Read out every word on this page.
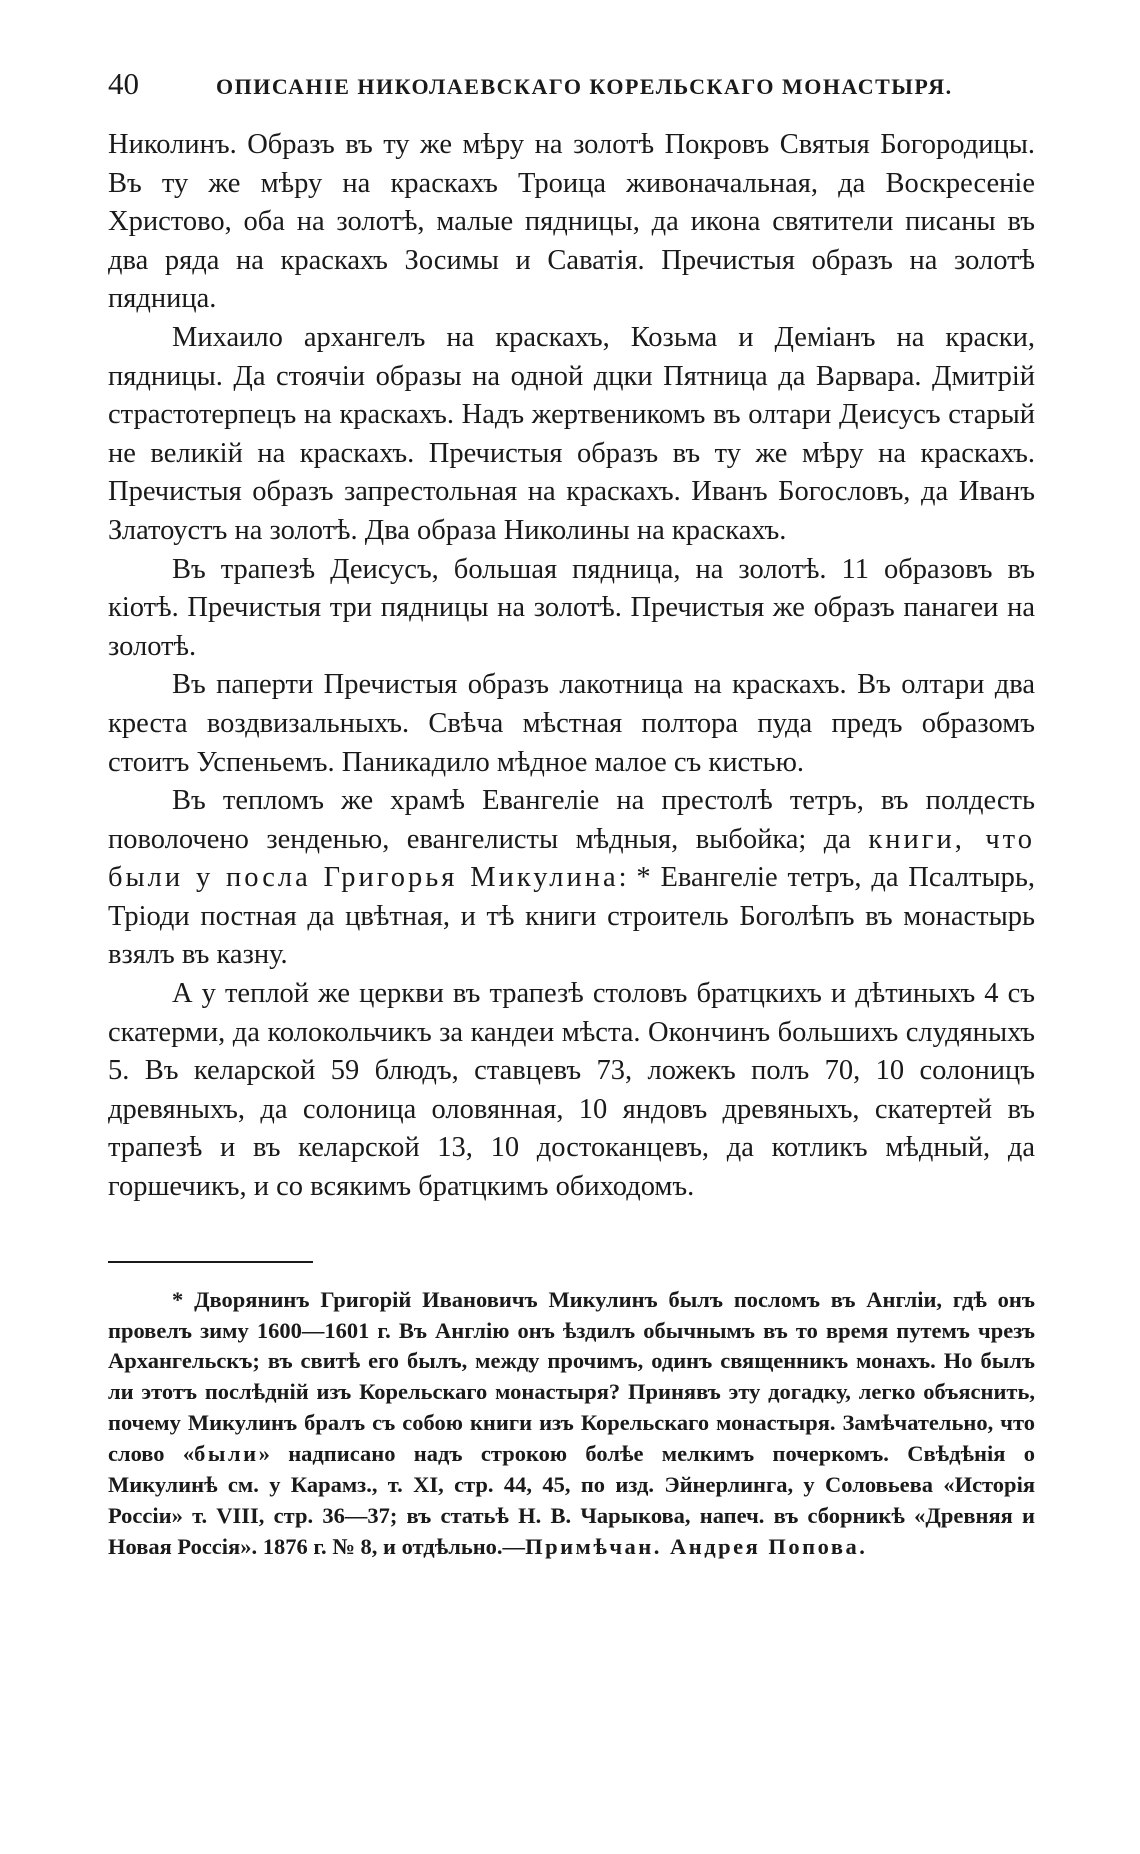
40	ОПИСАНІЕ НИКОЛАЕВСКАГО КОРЕЛЬСКАГО МОНАСТЫРЯ.

Николинъ. Образъ въ ту же мѣру на золотѣ Покровъ Святыя Богородицы. Въ ту же мѣру на краскахъ Троица живоначальная, да Воскресеніе Христово, оба на золотѣ, малые пядницы, да икона святители писаны въ два ряда на краскахъ Зосимы и Саватія. Пречистыя образъ на золотѣ пядница.

Михаило архангелъ на краскахъ, Козьма и Деміанъ на краски, пядницы. Да стоячіи образы на одной дцки Пятница да Варвара. Дмитрій страстотерпецъ на краскахъ. Надъ жертвеникомъ въ олтари Деисусъ старый не великій на краскахъ. Пречистыя образъ въ ту же мѣру на краскахъ. Пречистыя образъ запрестольная на краскахъ. Иванъ Богословъ, да Иванъ Златоустъ на золотѣ. Два образа Николины на краскахъ.

Въ трапезѣ Деисусъ, большая пядница, на золотѣ. 11 образовъ въ кіотѣ. Пречистыя три пядницы на золотѣ. Пречистыя же образъ панагеи на золотѣ.

Въ паперти Пречистыя образъ лакотница на краскахъ. Въ олтари два креста воздвизальныхъ. Свѣча мѣстная полтора пуда предъ образомъ стоитъ Успеньемъ. Паникадило мѣдное малое съ кистью.

Въ тепломъ же храмѣ Евангеліе на престолѣ тетръ, въ полдесть поволочено зенденью, евангелисты мѣдныя, выбойка; да книги, что были у посла Григорья Микулина: * Евангеліе тетръ, да Псалтырь, Тріоди постная да цвѣтная, и тѣ книги строитель Боголѣпъ въ монастырь взялъ въ казну.

А у теплой же церкви въ трапезѣ столовъ братцкихъ и дѣтиныхъ 4 съ скатерми, да колокольчикъ за кандеи мѣста. Окончинъ большихъ слудяныхъ 5. Въ келарской 59 блюдъ, ставцевъ 73, ложекъ полъ 70, 10 солоницъ древяныхъ, да солоница оловянная, 10 яндовъ древяныхъ, скатертей въ трапезѣ и въ келарской 13, 10 достоканцевъ, да котликъ мѣдный, да горшечикъ, и со всякимъ братцкимъ обиходомъ.

* Дворянинъ Григорій Ивановичъ Микулинъ былъ посломъ въ Англіи, гдѣ онъ провелъ зиму 1600—1601 г. Въ Англію онъ ѣздилъ обычнымъ въ то время путемъ чрезъ Архангельскъ; въ свитѣ его былъ, между прочимъ, одинъ священникъ монахъ. Но былъ ли этотъ послѣдній изъ Корельскаго монастыря? Принявъ эту догадку, легко объяснить, почему Микулинъ бралъ съ собою книги изъ Корельскаго монастыря. Замѣчательно, что слово «были» надписано надъ строкою болѣе мелкимъ почеркомъ. Свѣдѣнія о Микулинѣ см. у Карамз., т. XI, стр. 44, 45, по изд. Эйнерлинга, у Соловьева «Исторія Россіи» т. VIII, стр. 36—37; въ статьѣ Н. В. Чарыкова, напеч. въ сборникѣ «Древняя и Новая Россія». 1876 г. № 8, и отдѣльно.—Примѣчан. Андрея Попова.
